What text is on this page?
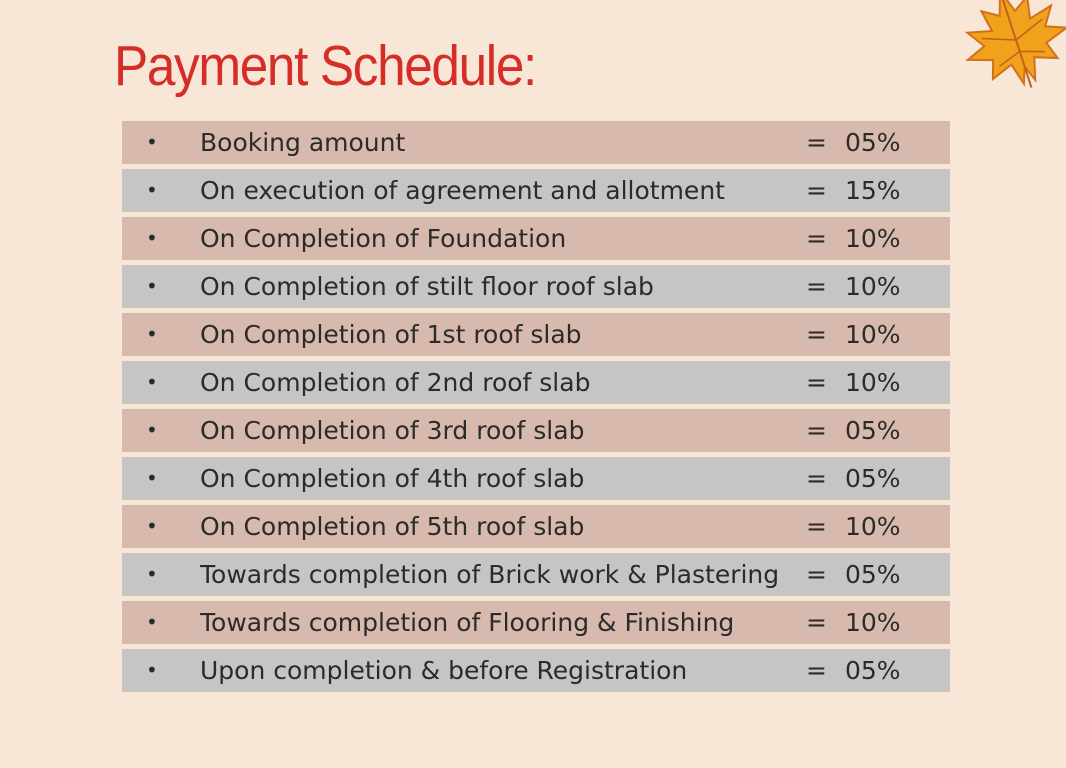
Payment Schedule:
• Booking amount	= 05%
• On execution of agreement and allotment	= 15%
• On Completion of Foundation	= 10%
• On Completion of stilt floor roof slab	= 10%
• On Completion of 1st roof slab	= 10%
• On Completion of 2nd roof slab	= 10%
• On Completion of 3rd roof slab	= 05%
• On Completion of 4th roof slab	= 05%
• On Completion of 5th roof slab	= 10%
• Towards completion of Brick work & Plastering = 05%
• Towards completion of Flooring & Finishing	= 10%
• Upon completion & before Registration	= 05%
